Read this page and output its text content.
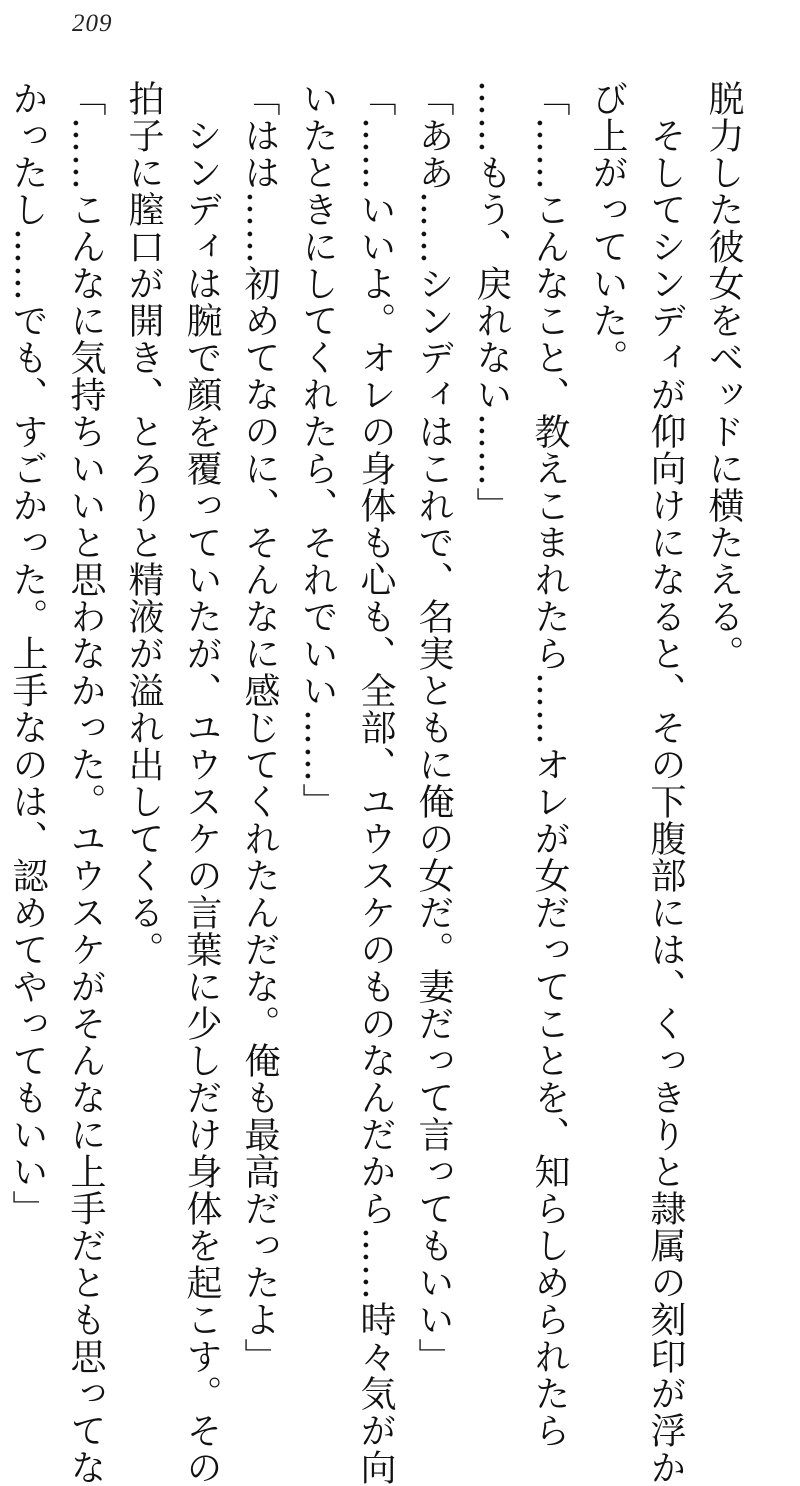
209
脱力した彼女をベッドに横たえる。
　そしてシンディが仰向けになると、その下腹部には、くっきりと隷属の刻印が浮か
び上がっていた。
「……こんなこと、教えこまれたら……オレが女だってことを、知らしめられたら
……もう、戻れない……」
「ああ……シンディはこれで、名実ともに俺の女だ。妻だって言ってもいい」
「……いいよ。オレの身体も心も、全部、ユウスケのものなんだから……時々気が向
いたときにしてくれたら、それでいい……」
「はは……初めてなのに、そんなに感じてくれたんだな。俺も最高だったよ」
　シンディは腕で顔を覆っていたが、ユウスケの言葉に少しだけ身体を起こす。その
拍子に膣口が開き、とろりと精液が溢れ出してくる。
「……こんなに気持ちいいと思わなかった。ユウスケがそんなに上手だとも思ってな
かったし……でも、すごかった。上手なのは、認めてやってもいい」
